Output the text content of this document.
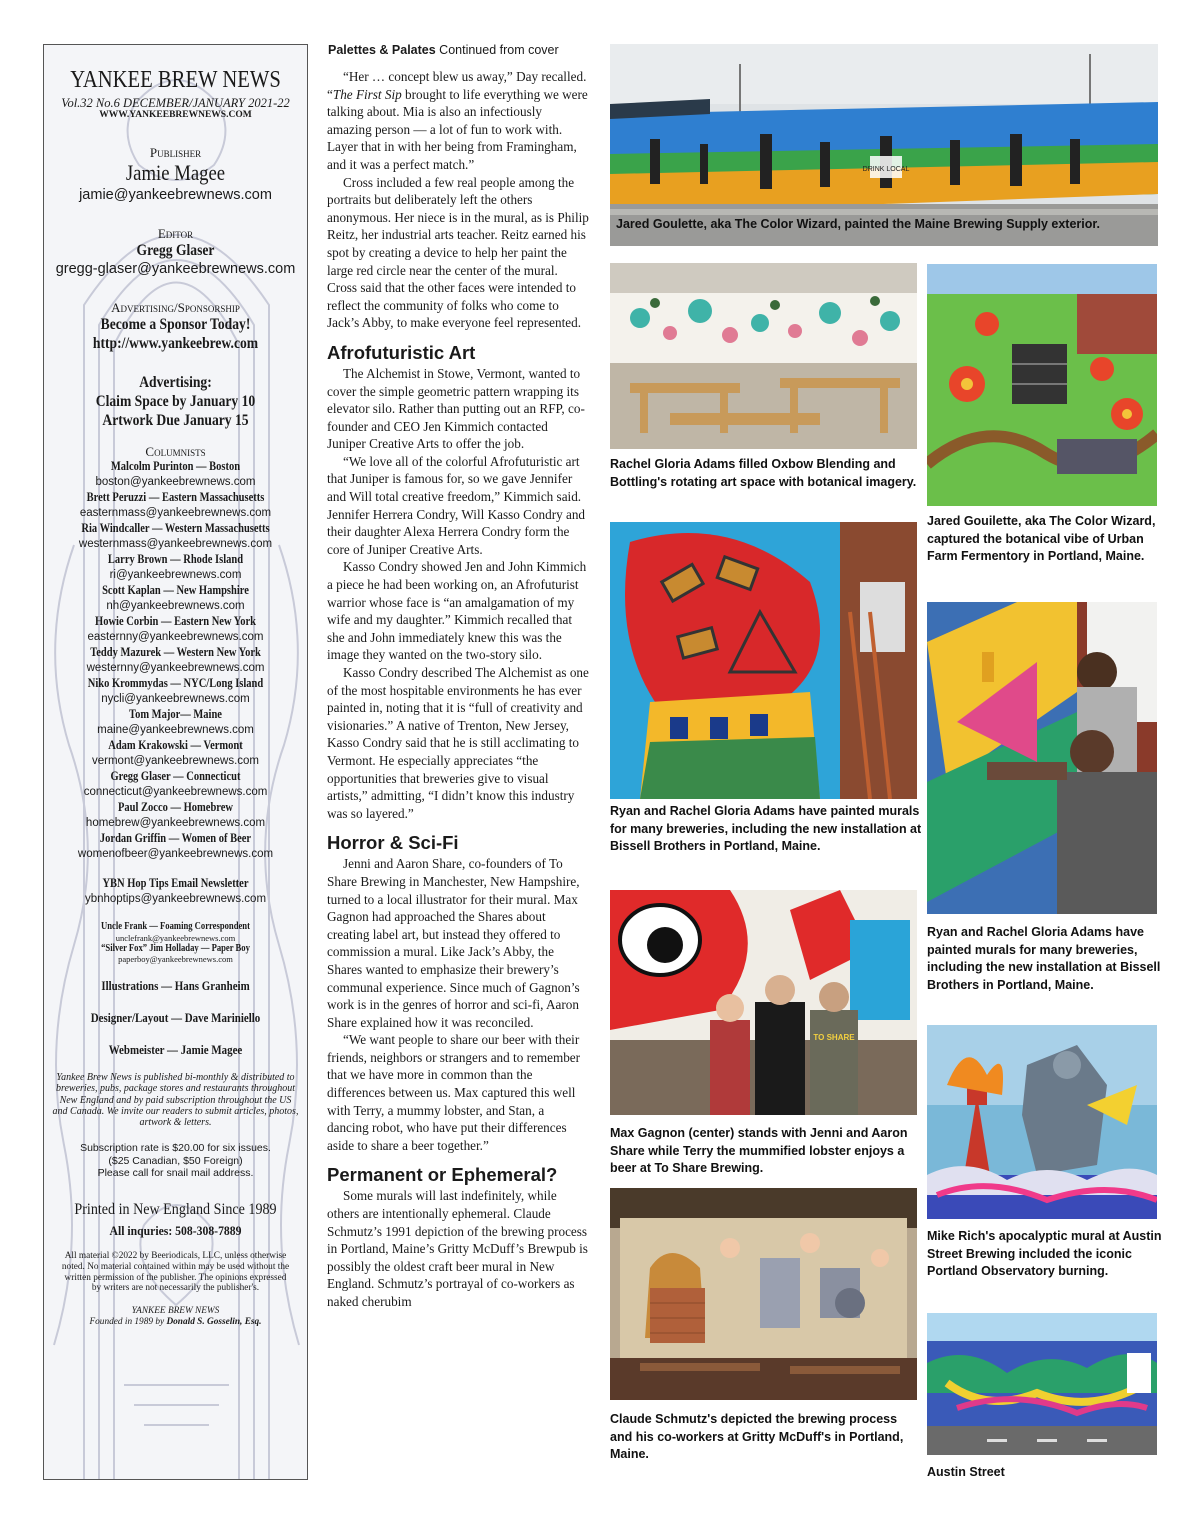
YANKEE BREW NEWS
Vol.32 No.6 DECEMBER/JANUARY 2021-22
WWW.YANKEEBREWNEWS.COM
Publisher
Jamie Magee
jamie@yankeebrewnews.com
Editor
Gregg Glaser
gregg-glaser@yankeebrewnews.com
Advertising/Sponsorship
Become a Sponsor Today!
http://www.yankeebrew.com
Advertising:
Claim Space by January 10
Artwork Due January 15
Columnists
Malcolm Purinton — Boston
boston@yankeebrewnews.com
Brett Peruzzi — Eastern Massachusetts
easternmass@yankeebrewnews.com
Ria Windcaller — Western Massachusetts
westernmass@yankeebrewnews.com
Larry Brown — Rhode Island
ri@yankeebrewnews.com
Scott Kaplan — New Hampshire
nh@yankeebrewnews.com
Howie Corbin — Eastern New York
easternny@yankeebrewnews.com
Teddy Mazurek — Western New York
westernny@yankeebrewnews.com
Niko Krommydas — NYC/Long Island
nycli@yankeebrewnews.com
Tom Major— Maine
maine@yankeebrewnews.com
Adam Krakowski — Vermont
vermont@yankeebrewnews.com
Gregg Glaser — Connecticut
connecticut@yankeebrewnews.com
Paul Zocco — Homebrew
homebrew@yankeebrewnews.com
Jordan Griffin — Women of Beer
womenofbeer@yankeebrewnews.com
YBN Hop Tips Email Newsletter
ybnhoptips@yankeebrewnews.com
Uncle Frank — Foaming Correspondent
unclefrank@yankeebrewnews.com
“Silver Fox” Jim Holladay — Paper Boy
paperboy@yankeebrewnews.com
Illustrations — Hans Granheim
Designer/Layout — Dave Mariniello
Webmeister — Jamie Magee
Yankee Brew News is published bi-monthly & distributed to breweries, pubs, package stores and restaurants throughout New England and by paid subscription throughout the US and Canada. We invite our readers to submit articles, photos, artwork & letters.
Subscription rate is $20.00 for six issues.
($25 Canadian, $50 Foreign)
Please call for snail mail address.
Printed in New England Since 1989
All inquries: 508-308-7889
All material ©2022 by Beeriodicals, LLC, unless otherwise noted. No material contained within may be used without the written permission of the publisher. The opinions expressed by writers are not necessarily the publisher's.
YANKEE BREW NEWS
Founded in 1989 by Donald S. Gosselin, Esq.
Palettes & Palates Continued from cover

“Her … concept blew us away,” Day recalled. “The First Sip brought to life everything we were talking about. Mia is also an infectiously amazing person — a lot of fun to work with. Layer that in with her being from Framingham, and it was a perfect match.”

Cross included a few real people among the portraits but deliberately left the others anonymous. Her niece is in the mural, as is Philip Reitz, her industrial arts teacher. Reitz earned his spot by creating a device to help her paint the large red circle near the center of the mural. Cross said that the other faces were intended to reflect the community of folks who come to Jack’s Abby, to make everyone feel represented.

Afrofuturistic Art

The Alchemist in Stowe, Vermont, wanted to cover the simple geometric pattern wrapping its elevator silo. Rather than putting out an RFP, co-founder and CEO Jen Kimmich contacted Juniper Creative Arts to offer the job.

“We love all of the colorful Afrofuturistic art that Juniper is famous for, so we gave Jennifer and Will total creative freedom,” Kimmich said. Jennifer Herrera Condry, Will Kasso Condry and their daughter Alexa Herrera Condry form the core of Juniper Creative Arts.

Kasso Condry showed Jen and John Kimmich a piece he had been working on, an Afrofuturist warrior whose face is “an amalgamation of my wife and my daughter.” Kimmich recalled that she and John immediately knew this was the image they wanted on the two-story silo.

Kasso Condry described The Alchemist as one of the most hospitable environments he has ever painted in, noting that it is “full of creativity and visionaries.” A native of Trenton, New Jersey, Kasso Condry said that he is still acclimating to Vermont. He especially appreciates “the opportunities that breweries give to visual artists,” admitting, “I didn’t know this industry was so layered.”

Horror & Sci-Fi

Jenni and Aaron Share, co-founders of To Share Brewing in Manchester, New Hampshire, turned to a local illustrator for their mural. Max Gagnon had approached the Shares about creating label art, but instead they offered to commission a mural. Like Jack’s Abby, the Shares wanted to emphasize their brewery’s communal experience. Since much of Gagnon’s work is in the genres of horror and sci-fi, Aaron Share explained how it was reconciled.

“We want people to share our beer with their friends, neighbors or strangers and to remember that we have more in common than the differences between us. Max captured this well with Terry, a mummy lobster, and Stan, a dancing robot, who have put their differences aside to share a beer together.”

Permanent or Ephemeral?

Some murals will last indefinitely, while others are intentionally ephemeral. Claude Schmutz’s 1991 depiction of the brewing process in Portland, Maine’s Gritty McDuff’s Brewpub is possibly the oldest craft beer mural in New England. Schmutz’s portrayal of co-workers as naked cherubim

DRINK LOCAL
Jared Goulette, aka The Color Wizard, painted the Maine Brewing Supply exterior.
Rachel Gloria Adams filled Oxbow Blending and Bottling's rotating art space with botanical imagery.
Jared Gouilette, aka The Color Wizard, captured the botanical vibe of Urban Farm Fermentory in Portland, Maine.
Ryan and Rachel Gloria Adams have painted murals for many breweries, including the new installation at Bissell Brothers in Portland, Maine.
Ryan and Rachel Gloria Adams have painted murals for many breweries, including the new installation at Bissell Brothers in Portland, Maine.
TO SHARE
Max Gagnon (center) stands with Jenni and Aaron Share while Terry the mummified lobster enjoys a beer at To Share Brewing.
Mike Rich's apocalyptic mural at Austin Street Brewing included the iconic Portland Observatory burning.
Claude Schmutz's depicted the brewing process and his co-workers at Gritty McDuff's in Portland, Maine.
Austin Street
